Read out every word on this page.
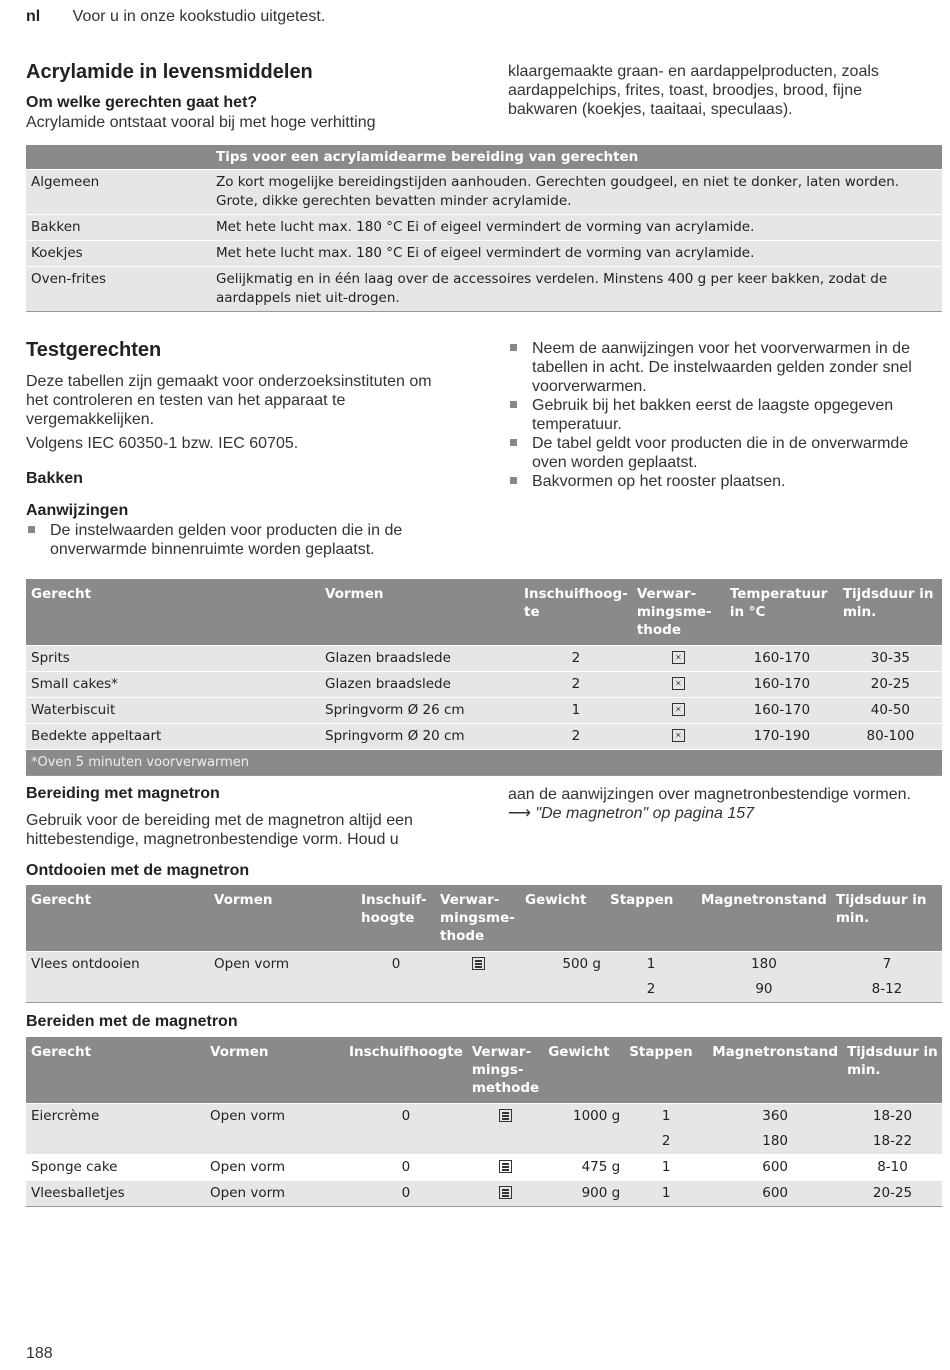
nl Voor u in onze kookstudio uitgetest.
Acrylamide in levensmiddelen
Om welke gerechten gaat het?
Acrylamide ontstaat vooral bij met hoge verhitting
klaargemaakte graan- en aardappelproducten, zoals aardappelchips, frites, toast, broodjes, brood, fijne bakwaren (koekjes, taaitaai, speculaas).
	Tips voor een acrylamidearme bereiding van gerechten
Algemeen	Zo kort mogelijke bereidingstijden aanhouden. Gerechten goudgeel, en niet te donker, laten worden. Grote, dikke gerechten bevatten minder acrylamide.
Bakken	Met hete lucht max. 180 °C Ei of eigeel vermindert de vorming van acrylamide.
Koekjes	Met hete lucht max. 180 °C Ei of eigeel vermindert de vorming van acrylamide.
Oven-frites	Gelijkmatig en in één laag over de accessoires verdelen. Minstens 400 g per keer bakken, zodat de aardappels niet uit-drogen.
Testgerechten
Deze tabellen zijn gemaakt voor onderzoeksinstituten om het controleren en testen van het apparaat te vergemakkelijken.
Volgens IEC 60350-1 bzw. IEC 60705.
Bakken
Aanwijzingen
De instelwaarden gelden voor producten die in de onverwarmde binnenruimte worden geplaatst.
Neem de aanwijzingen voor het voorverwarmen in de tabellen in acht. De instelwaarden gelden zonder snel voorverwarmen.
Gebruik bij het bakken eerst de laagste opgegeven temperatuur.
De tabel geldt voor producten die in de onverwarmde oven worden geplaatst.
Bakvormen op het rooster plaatsen.
Gerecht	Vormen	Inschuifhoog-te	Verwar-mingsme-thode	Temperatuur in °C	Tijdsduur in min.
Sprits	Glazen braadslede	2		160-170	30-35
Small cakes*	Glazen braadslede	2		160-170	20-25
Waterbiscuit	Springvorm Ø 26 cm	1		160-170	40-50
Bedekte appeltaart	Springvorm Ø 20 cm	2		170-190	80-100
*Oven 5 minuten voorverwarmen					
Bereiding met magnetron
Gebruik voor de bereiding met de magnetron altijd een hittebestendige, magnetronbestendige vorm. Houd u
aan de aanwijzingen over magnetronbestendige vormen. ⟶ "De magnetron" op pagina 157
Ontdooien met de magnetron
Gerecht	Vormen	Inschuif-hoogte	Verwar-mingsme-thode	Gewicht	Stappen	Magnetronstand	Tijdsduur in min.
Vlees ontdooien	Open vorm	0		500 g	1	180	7
					2	90	8-12
Bereiden met de magnetron
Gerecht	Vormen	Inschuifhoogte	Verwar-mings-methode	Gewicht	Stappen	Magnetronstand	Tijdsduur in min.
Eiercrème	Open vorm	0		1000 g	1	360	18-20
					2	180	18-22
Sponge cake	Open vorm	0		475 g	1	600	8-10
Vleesballetjes	Open vorm	0		900 g	1	600	20-25
188
